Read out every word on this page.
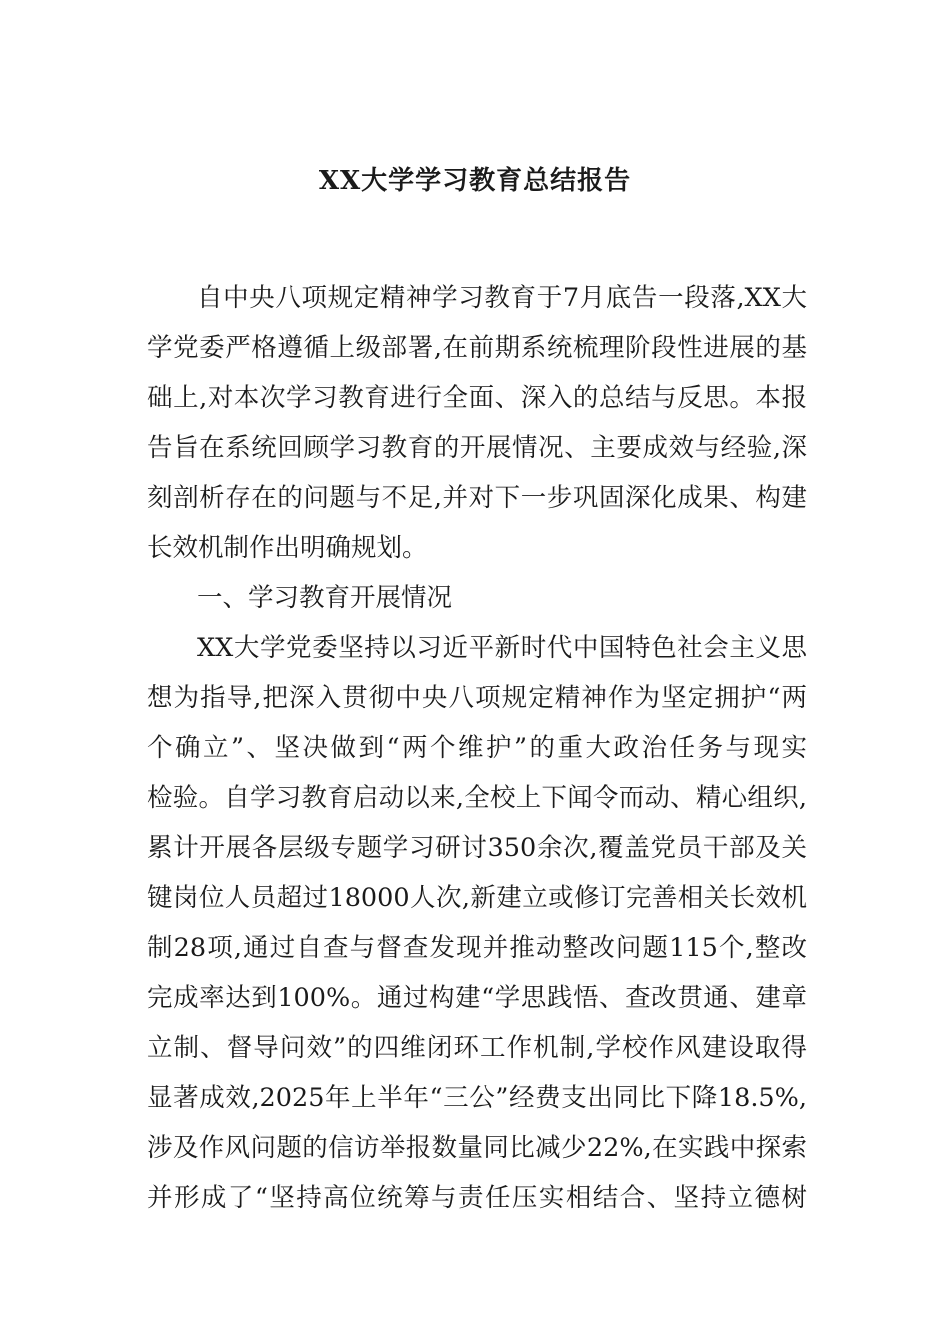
XX大学学习教育总结报告
自中央八项规定精神学习教育于7月底告一段落,XX大
学党委严格遵循上级部署,在前期系统梳理阶段性进展的基
础上,对本次学习教育进行全面、深入的总结与反思。本报
告旨在系统回顾学习教育的开展情况、主要成效与经验,深
刻剖析存在的问题与不足,并对下一步巩固深化成果、构建
长效机制作出明确规划。
一、学习教育开展情况
XX大学党委坚持以习近平新时代中国特色社会主义思
想为指导,把深入贯彻中央八项规定精神作为坚定拥护“两
个确立”、坚决做到“两个维护”的重大政治任务与现实
检验。自学习教育启动以来,全校上下闻令而动、精心组织,
累计开展各层级专题学习研讨350余次,覆盖党员干部及关
键岗位人员超过18000人次,新建立或修订完善相关长效机
制28项,通过自查与督查发现并推动整改问题115个,整改
完成率达到100%。通过构建“学思践悟、查改贯通、建章
立制、督导问效”的四维闭环工作机制,学校作风建设取得
显著成效,2025年上半年“三公”经费支出同比下降18.5%,
涉及作风问题的信访举报数量同比减少22%,在实践中探索
并形成了“坚持高位统筹与责任压实相结合、坚持立德树
